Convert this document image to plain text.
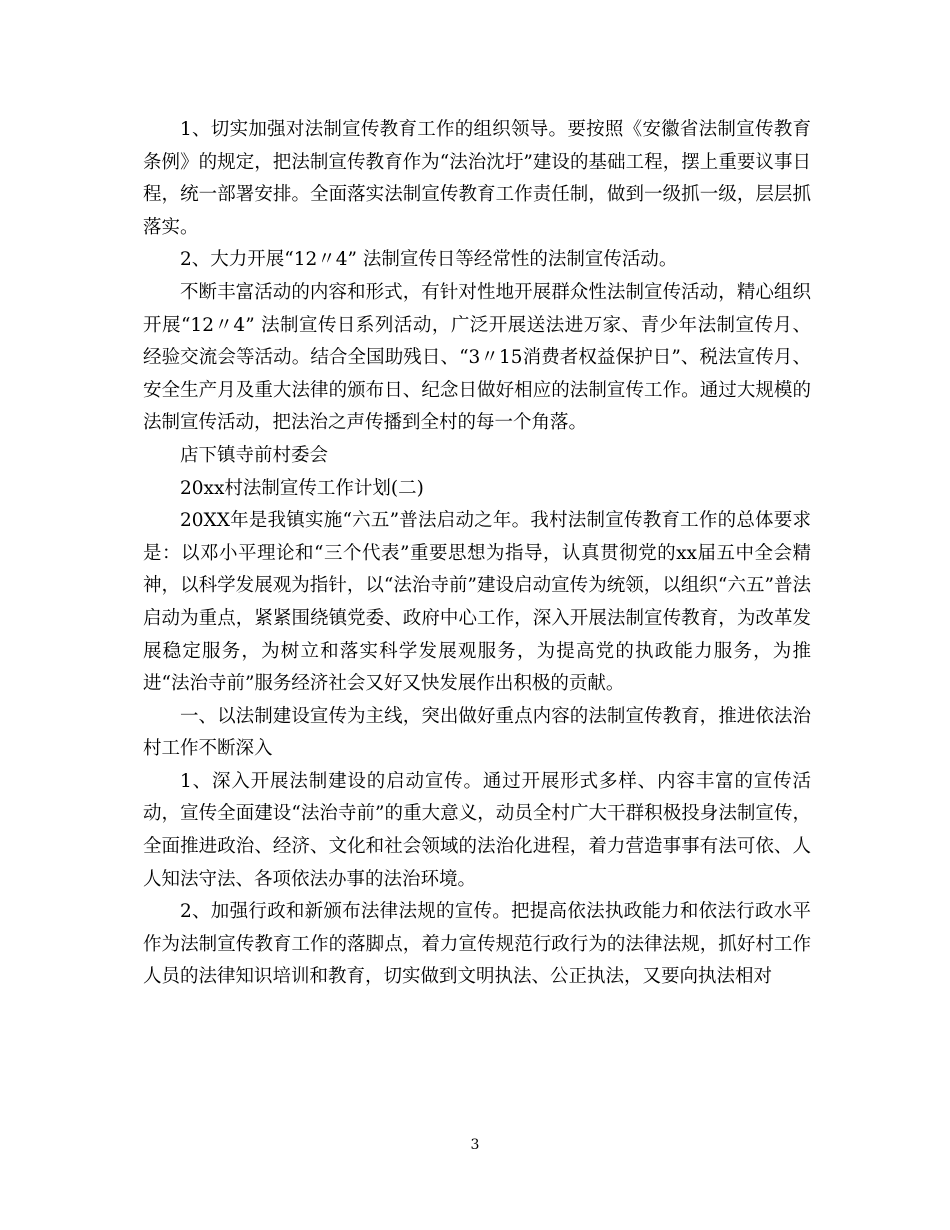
1、切实加强对法制宣传教育工作的组织领导。要按照《安徽省法制宣传教育条例》的规定，把法制宣传教育作为“法治沈圩”建设的基础工程，摆上重要议事日程，统一部署安排。全面落实法制宣传教育工作责任制，做到一级抓一级，层层抓落实。

2、大力开展“12〃4” 法制宣传日等经常性的法制宣传活动。

不断丰富活动的内容和形式，有针对性地开展群众性法制宣传活动，精心组织开展“12〃4” 法制宣传日系列活动，广泛开展送法进万家、青少年法制宣传月、经验交流会等活动。结合全国助残日、“3〃15消费者权益保护日”、税法宣传月、安全生产月及重大法律的颁布日、纪念日做好相应的法制宣传工作。通过大规模的法制宣传活动，把法治之声传播到全村的每一个角落。

店下镇寺前村委会

20xx村法制宣传工作计划(二)

20XX年是我镇实施“六五”普法启动之年。我村法制宣传教育工作的总体要求是：以邓小平理论和“三个代表”重要思想为指导，认真贯彻党的xx届五中全会精神，以科学发展观为指针，以“法治寺前”建设启动宣传为统领，以组织“六五”普法启动为重点，紧紧围绕镇党委、政府中心工作，深入开展法制宣传教育，为改革发展稳定服务，为树立和落实科学发展观服务，为提高党的执政能力服务，为推进“法治寺前”服务经济社会又好又快发展作出积极的贡献。

一、以法制建设宣传为主线，突出做好重点内容的法制宣传教育，推进依法治村工作不断深入

1、深入开展法制建设的启动宣传。通过开展形式多样、内容丰富的宣传活动，宣传全面建设“法治寺前”的重大意义，动员全村广大干群积极投身法制宣传，全面推进政治、经济、文化和社会领域的法治化进程，着力营造事事有法可依、人人知法守法、各项依法办事的法治环境。

2、加强行政和新颁布法律法规的宣传。把提高依法执政能力和依法行政水平作为法制宣传教育工作的落脚点，着力宣传规范行政行为的法律法规，抓好村工作人员的法律知识培训和教育，切实做到文明执法、公正执法，又要向执法相对

3
